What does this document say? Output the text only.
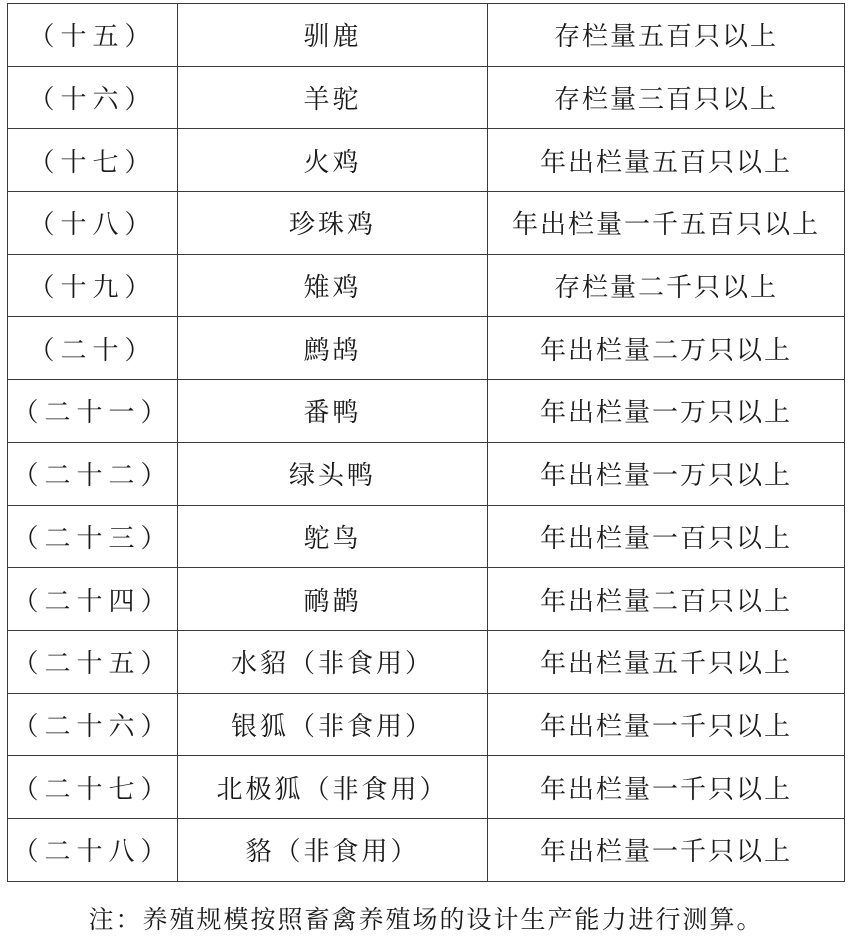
（十五）	驯鹿	存栏量五百只以上
（十六）	羊驼	存栏量三百只以上
（十七）	火鸡	年出栏量五百只以上
（十八）	珍珠鸡	年出栏量一千五百只以上
（十九）	雉鸡	存栏量二千只以上
（二十）	鹧鸪	年出栏量二万只以上
（二十一）	番鸭	年出栏量一万只以上
（二十二）	绿头鸭	年出栏量一万只以上
（二十三）	鸵鸟	年出栏量一百只以上
（二十四）	鸸鹋	年出栏量二百只以上
（二十五）	水貂（非食用）	年出栏量五千只以上
（二十六）	银狐（非食用）	年出栏量一千只以上
（二十七）	北极狐（非食用）	年出栏量一千只以上
（二十八）	貉（非食用）	年出栏量一千只以上
注：养殖规模按照畜禽养殖场的设计生产能力进行测算。
